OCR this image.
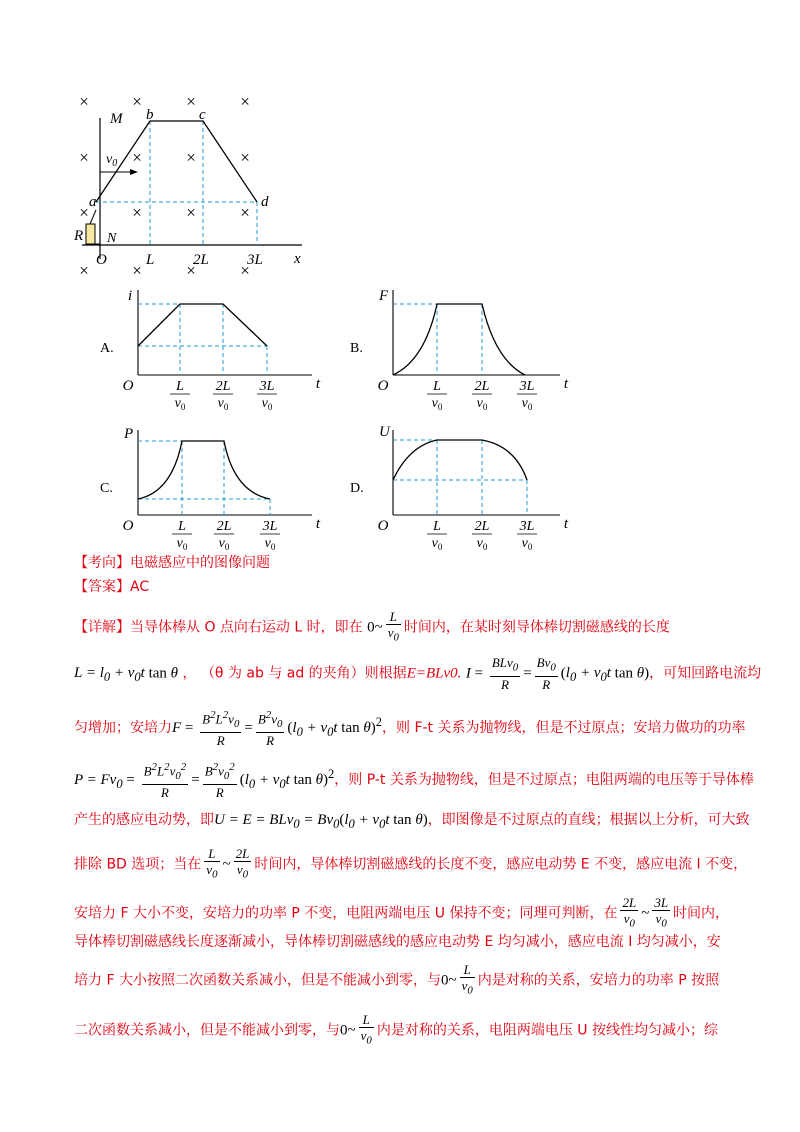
×	×	×	×
×	×	×	×
×	×	×	×
×	×	×	×
$v_0$
M b	c
a	d
R N
O	L	2L	3L x
A.
i
B.
F
C.
P
D.
U
O	t
L
$v_0$
2L
$v_0$
3L
$v_0$
O	t
L
$v_0$
2L
$v_0$
3L
$v_0$
O	t
L
$v_0$
2L
$v_0$
3L
$v_0$
O	t
L
$v_0$
2L
$v_0$
3L
$v_0$
【考向】电磁感应中的图像问题
【答案】AC
【详解】当导体棒从 O 点向右运动 L 时，即在 0~ $\frac{L}{v_0}$ 时间内，在某时刻导体棒切割磁感线的长度
$L = l_0 + v_0t$ tan θ ， （θ 为 ab 与 ad 的夹角）则根据E=BLv0. $I = \frac{BLv_0}{R} = \frac{Bv_0}{R} (l_0 + v_0t$ tan θ)，可知回路电流均
匀增加；安培力$F = \frac{B^2L^2v_0}{R} = \frac{B^2v_0}{R} (l_0 + v_0t$ tan θ)$^2$，则 F-t 关系为抛物线，但是不过原点；安培力做功的功率
$P = Fv_0 = \frac{B^2L^2v_0^2}{R} = \frac{B^2v_0^2}{R} (l_0 + v_0t$ tan θ)$^2$，则 P-t 关系为抛物线，但是不过原点；电阻两端的电压等于导体棒
产生的感应电动势，即$U = E = BLv_0 = Bv_0(l_0 + v_0t$ tan θ)，即图像是不过原点的直线；根据以上分析，可大致
排除 BD 选项；当在 $\frac{L}{v_0}$ ~ $\frac{2L}{v_0}$ 时间内，导体棒切割磁感线的长度不变，感应电动势 E 不变，感应电流 I 不变，
安培力 F 大小不变，安培力的功率 P 不变，电阻两端电压 U 保持不变；同理可判断，在 $\frac{2L}{v_0}$ ~ $\frac{3L}{v_0}$ 时间内，
导体棒切割磁感线长度逐渐减小，导体棒切割磁感线的感应电动势 E 均匀减小，感应电流 I 均匀减小，安
培力 F 大小按照二次函数关系减小，但是不能减小到零，与0~ $\frac{L}{v_0}$ 内是对称的关系，安培力的功率 P 按照
二次函数关系减小，但是不能减小到零，与0~ $\frac{L}{v_0}$ 内是对称的关系，电阻两端电压 U 按线性均匀减小；综
